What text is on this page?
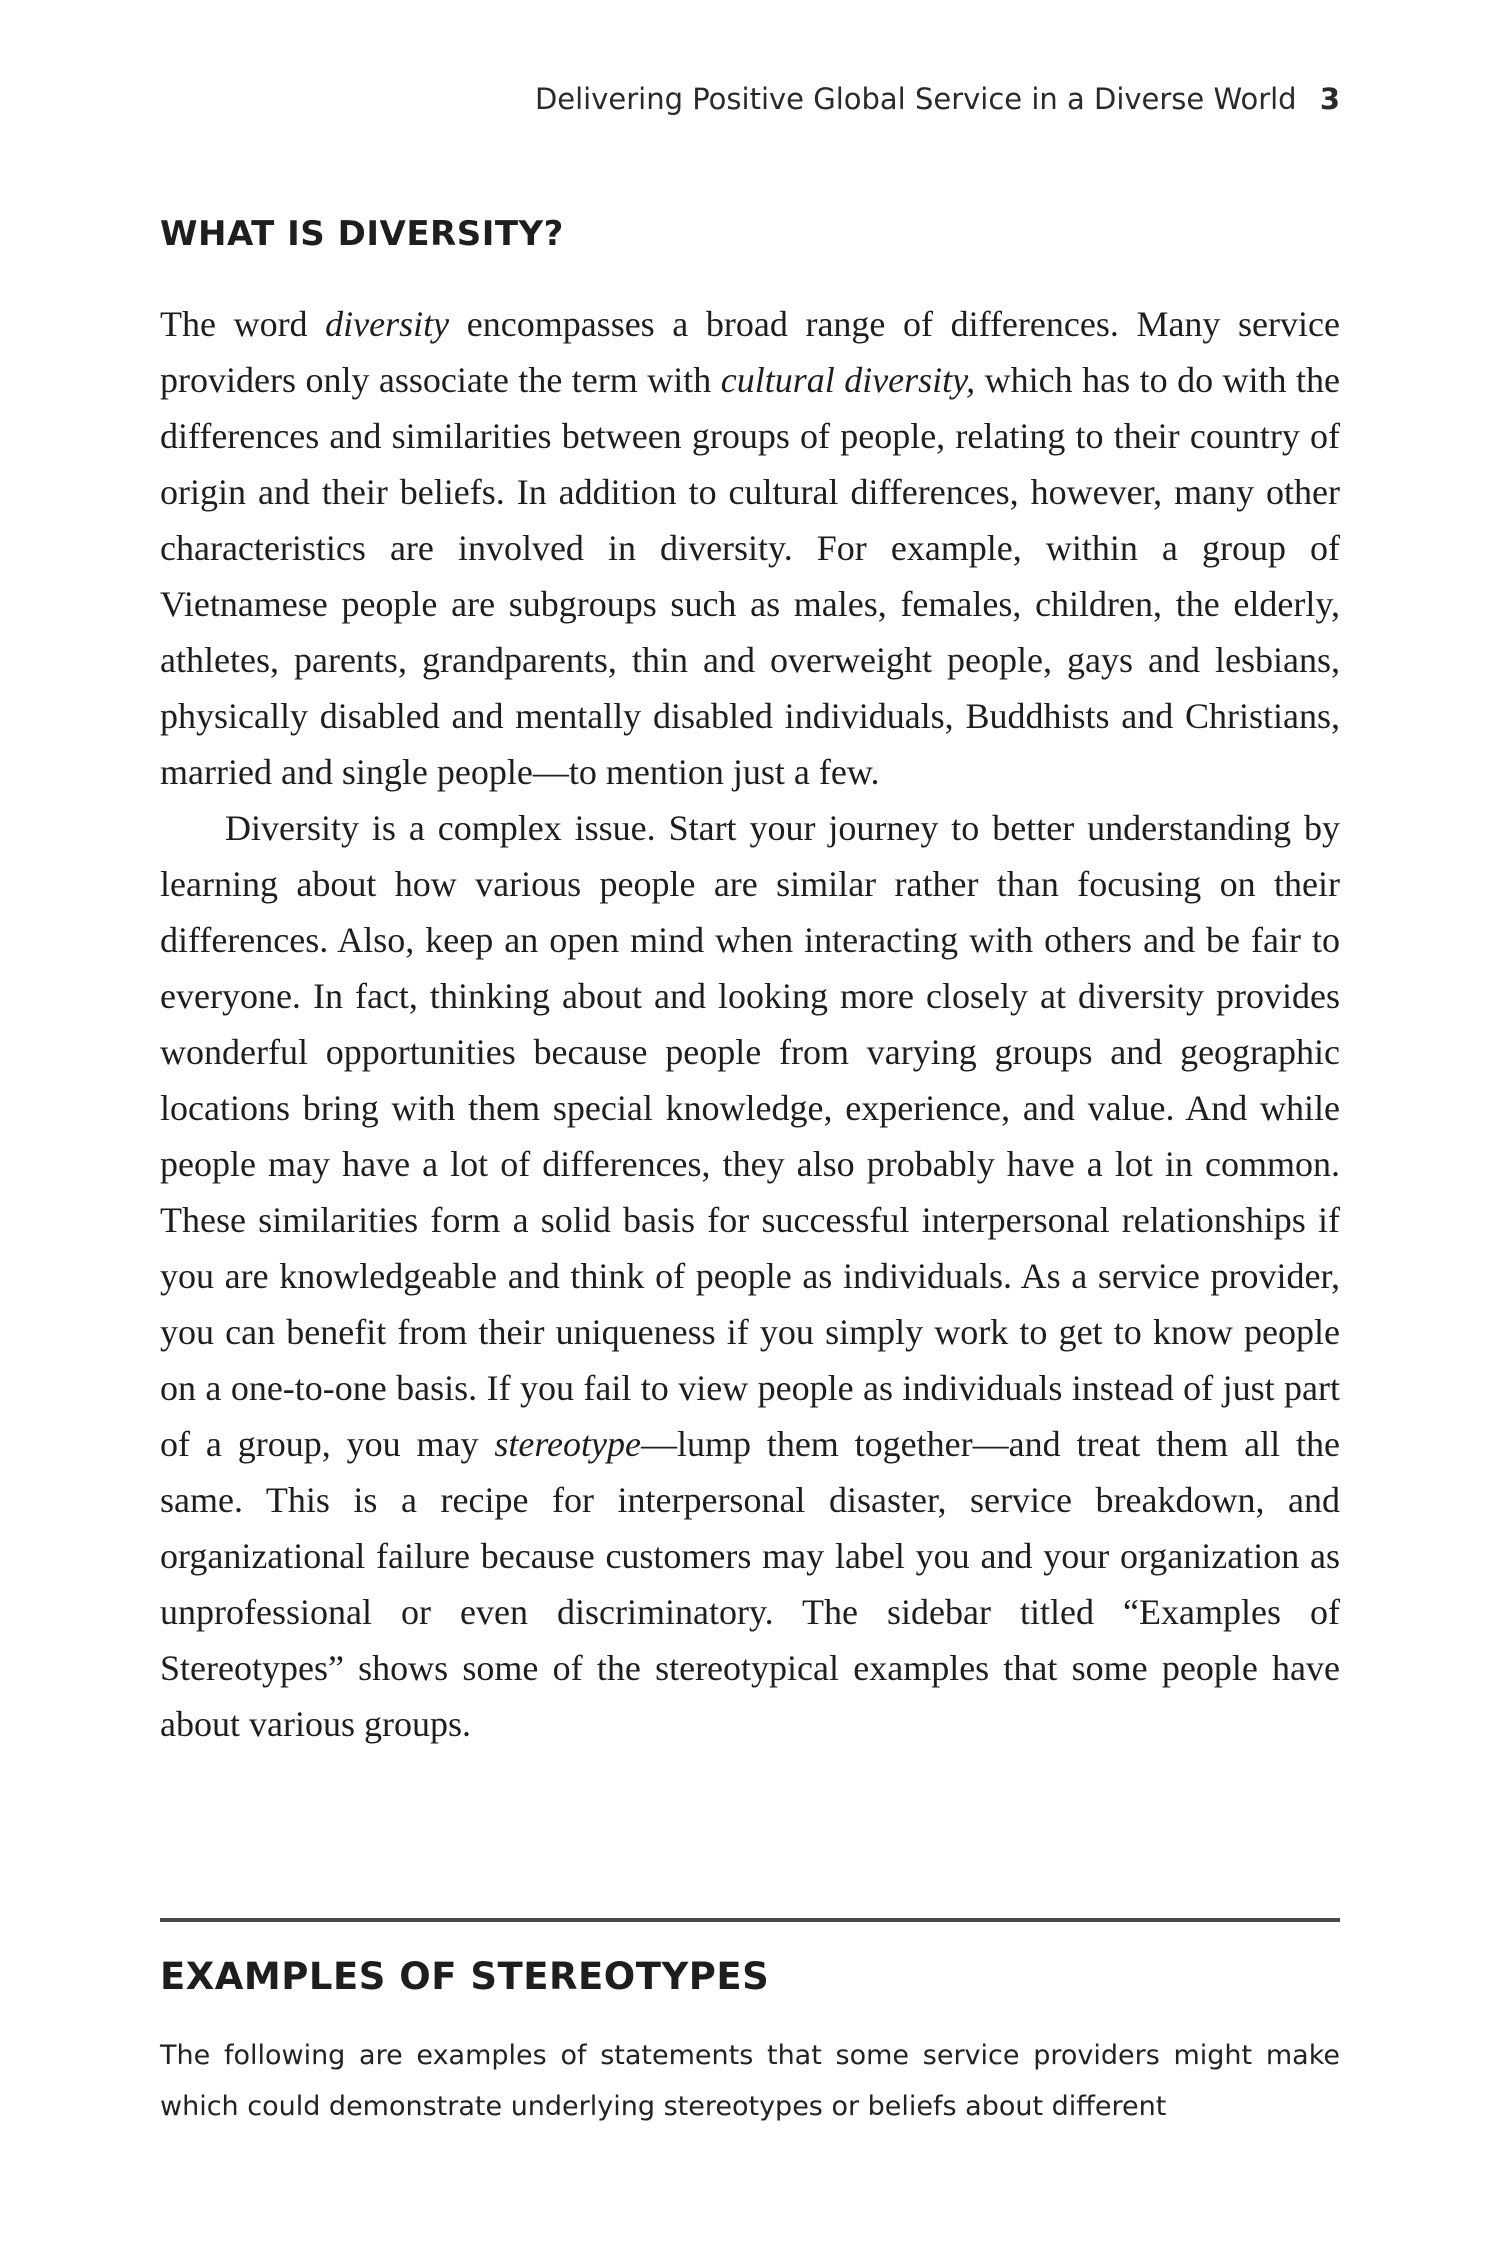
Delivering Positive Global Service in a Diverse World 3
WHAT IS DIVERSITY?

The word diversity encompasses a broad range of differences. Many service providers only associate the term with cultural diversity, which has to do with the differences and similarities between groups of people, relating to their country of origin and their beliefs. In addition to cultural differences, however, many other characteristics are involved in diversity. For example, within a group of Vietnamese people are subgroups such as males, females, children, the elderly, athletes, parents, grandparents, thin and overweight people, gays and lesbians, physically disabled and mentally disabled individuals, Buddhists and Christians, married and single people—to mention just a few.

Diversity is a complex issue. Start your journey to better understanding by learning about how various people are similar rather than focusing on their differences. Also, keep an open mind when interacting with others and be fair to everyone. In fact, thinking about and looking more closely at diversity provides wonderful opportunities because people from varying groups and geographic locations bring with them special knowledge, experience, and value. And while people may have a lot of differences, they also probably have a lot in common. These similarities form a solid basis for successful interpersonal relationships if you are knowledgeable and think of people as individuals. As a service provider, you can benefit from their uniqueness if you simply work to get to know people on a one-to-one basis. If you fail to view people as individuals instead of just part of a group, you may stereotype—lump them together—and treat them all the same. This is a recipe for interpersonal disaster, service breakdown, and organizational failure because customers may label you and your organization as unprofessional or even discriminatory. The sidebar titled “Examples of Stereotypes” shows some of the stereotypical examples that some people have about various groups.

EXAMPLES OF STEREOTYPES

The following are examples of statements that some service providers might make which could demonstrate underlying stereotypes or beliefs about different
